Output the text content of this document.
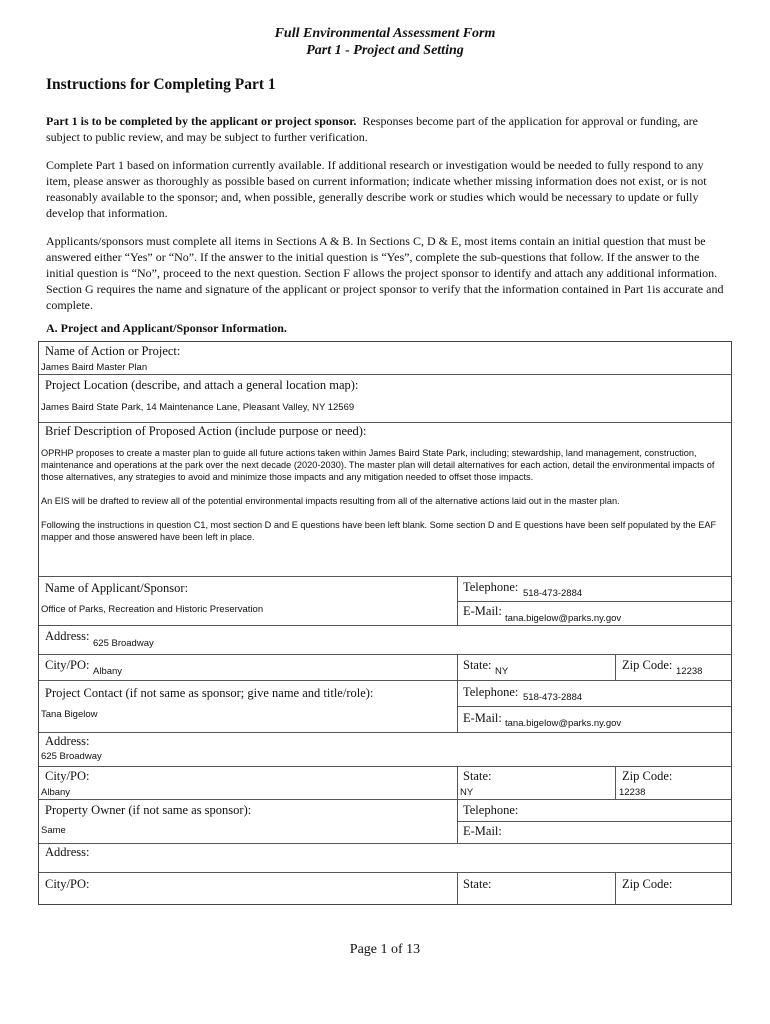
Full Environmental Assessment Form
Part 1 - Project and Setting
Instructions for Completing Part 1

Part 1 is to be completed by the applicant or project sponsor. Responses become part of the application for approval or funding, are subject to public review, and may be subject to further verification.

Complete Part 1 based on information currently available. If additional research or investigation would be needed to fully respond to any item, please answer as thoroughly as possible based on current information; indicate whether missing information does not exist, or is not reasonably available to the sponsor; and, when possible, generally describe work or studies which would be necessary to update or fully develop that information.

Applicants/sponsors must complete all items in Sections A & B. In Sections C, D & E, most items contain an initial question that must be answered either “Yes” or “No”. If the answer to the initial question is “Yes”, complete the sub-questions that follow. If the answer to the initial question is “No”, proceed to the next question. Section F allows the project sponsor to identify and attach any additional information. Section G requires the name and signature of the applicant or project sponsor to verify that the information contained in Part 1is accurate and complete.

A. Project and Applicant/Sponsor Information.
Name of Action or Project:
James Baird Master Plan
Project Location (describe, and attach a general location map):
James Baird State Park, 14 Maintenance Lane, Pleasant Valley, NY 12569
Brief Description of Proposed Action (include purpose or need):

OPRHP proposes to create a master plan to guide all future actions taken within James Baird State Park, including; stewardship, land management, construction, maintenance and operations at the park over the next decade (2020-2030). The master plan will detail alternatives for each action, detail the environmental impacts of those alternatives, any strategies to avoid and minimize those impacts and any mitigation needed to offset those impacts.

An EIS will be drafted to review all of the potential environmental impacts resulting from all of the alternative actions laid out in the master plan.

Following the instructions in question C1, most section D and E questions have been left blank. Some section D and E questions have been self populated by the EAF mapper and those answered have been left in place.

Name of Applicant/Sponsor:
Office of Parks, Recreation and Historic Preservation
Telephone: 518-473-2884
E-Mail:
tana.bigelow@parks.ny.gov
Address:
625 Broadway
City/PO: Albany	State: NY	Zip Code: 12238
Project Contact (if not same as sponsor; give name and title/role):
Tana Bigelow
Telephone: 518-473-2884
E-Mail: tana.bigelow@parks.ny.gov
Address:
625 Broadway
City/PO:
Albany
State:
NY
Zip Code:
12238
Property Owner (if not same as sponsor):
Same
Telephone:
E-Mail:
Address:
City/PO:	State:	Zip Code:
Page 1 of 13
